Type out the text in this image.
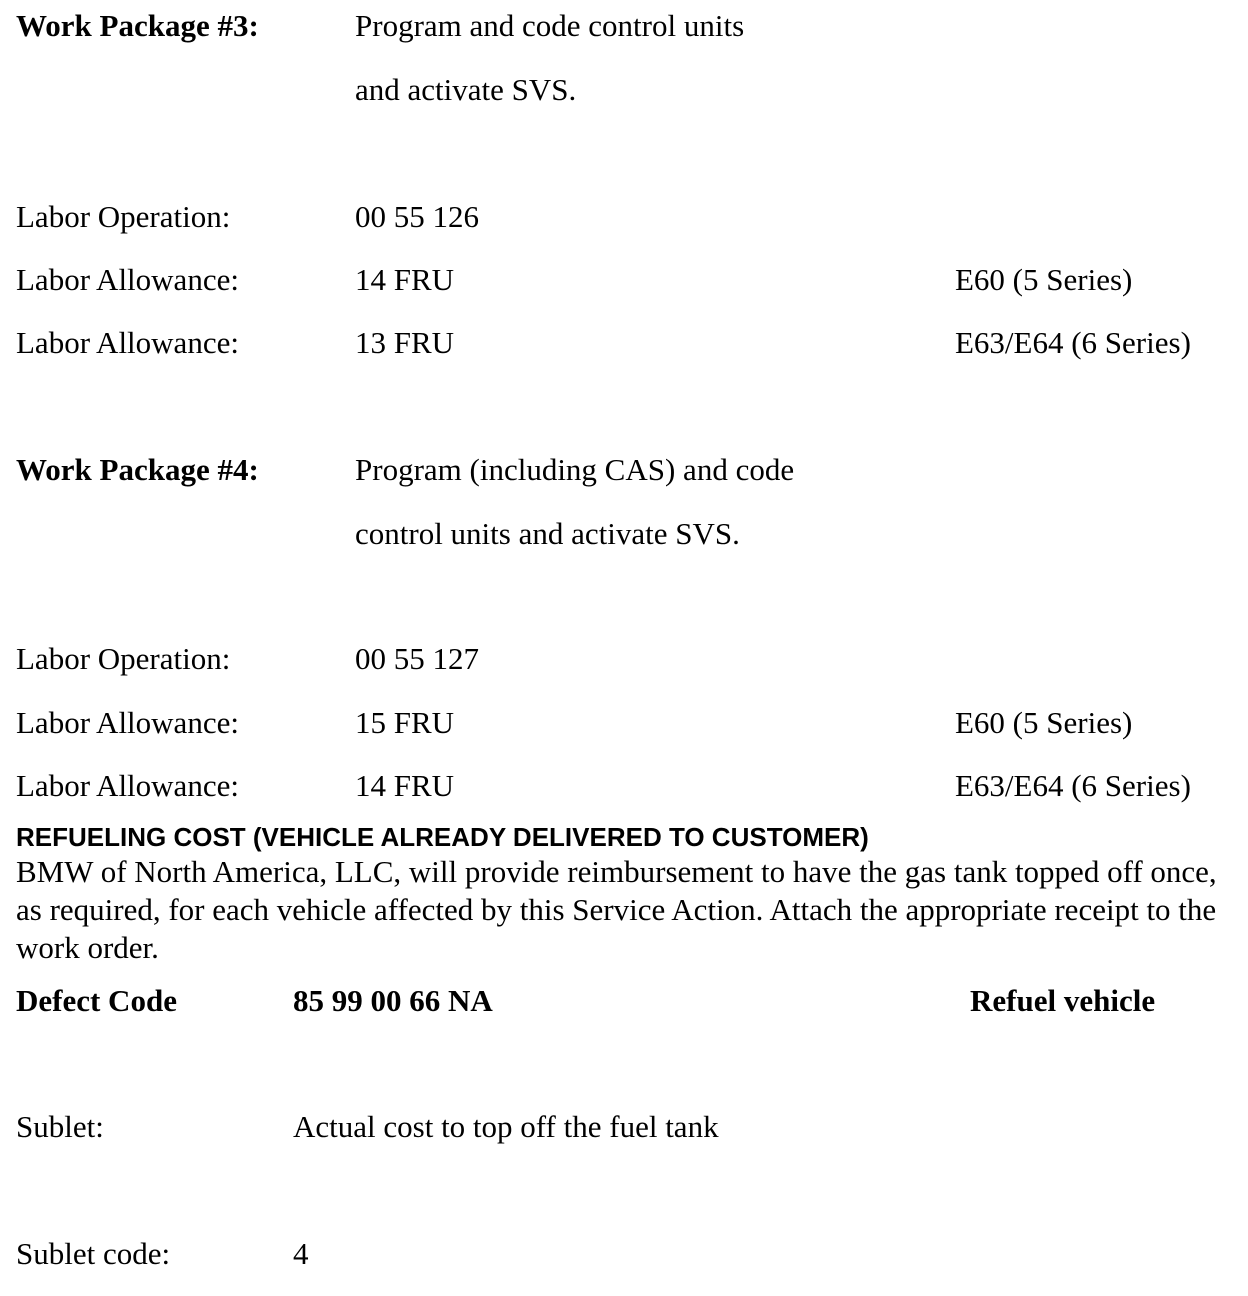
Work Package #3:	Program and code control units
and activate SVS.
Labor Operation:	00 55 126
Labor Allowance:	14 FRU	E60 (5 Series)
Labor Allowance:	13 FRU	E63/E64 (6 Series)
Work Package #4:	Program (including CAS) and code
control units and activate SVS.
Labor Operation:	00 55 127
Labor Allowance:	15 FRU	E60 (5 Series)
Labor Allowance:	14 FRU	E63/E64 (6 Series)
REFUELING COST (VEHICLE ALREADY DELIVERED TO CUSTOMER)
BMW of North America, LLC, will provide reimbursement to have the gas tank topped off once, as required, for each vehicle affected by this Service Action. Attach the appropriate receipt to the work order.
Defect Code	85 99 00 66 NA	Refuel vehicle
Sublet:	Actual cost to top off the fuel tank
Sublet code:	4
